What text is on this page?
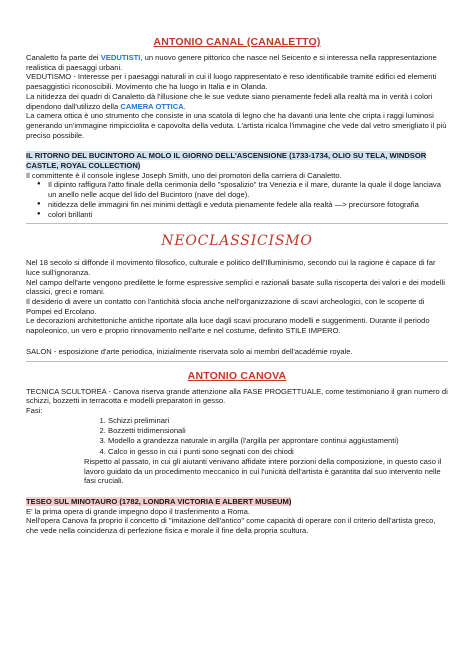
ANTONIO CANAL (CANALETTO)

Canaletto fa parte dei VEDUTISTI, un nuovo genere pittorico che nasce nel Seicento e si interessa nella rappresentazione realistica di paesaggi urbani.

VEDUTISMO - Interesse per i paesaggi naturali in cui il luogo rappresentato è reso identificabile tramite edifici ed elementi paesaggistici riconoscibili. Movimento che ha luogo in Italia e in Olanda.

La nitidezza dei quadri di Canaletto dà l'illusione che le sue vedute siano pienamente fedeli alla realtà ma in verità i colori dipendono dall'utilizzo della CAMERA OTTICA.

La camera ottica è uno strumento che consiste in una scatola di legno che ha davanti una lente che cripta i raggi luminosi generando un'immagine rimpicciolita e capovolta della veduta. L'artista ricalca l'immagine che vede dal vetro smerigliato il più preciso possibile.

IL RITORNO DEL BUCINTORO AL MOLO IL GIORNO DELL'ASCENSIONE (1733-1734, OLIO SU TELA, WINDSOR CASTLE, ROYAL COLLECTION)

Il committente è il console inglese Joseph Smith, uno dei promotori della carriera di Canaletto.

● Il dipinto raffigura l'atto finale della cerimonia dello "sposalizio" tra Venezia e il mare, durante la quale il doge lanciava un anello nelle acque del lido del Bucintoro (nave del doge).
● nitidezza delle immagini fin nei minimi dettagli e veduta pienamente fedele alla realtà —> precursore fotografia
● colori brillanti

NEOCLASSICISMO

Nel 18 secolo si diffonde il movimento filosofico, culturale e politico dell'Illuminismo, secondo cui la ragione è capace di far luce sull'ignoranza.

Nel campo dell'arte vengono predilette le forme espressive semplici e razionali basate sulla riscoperta dei valori e dei modelli classici, greci e romani.

Il desiderio di avere un contatto con l'antichità sfocia anche nell'organizzazione di scavi archeologici, con le scoperte di Pompei ed Ercolano.

Le decorazioni architettoniche antiche riportate alla luce dagli scavi procurano modelli e suggerimenti. Durante il periodo napoleonico, un vero e proprio rinnovamento nell'arte e nel costume, definito STILE IMPERO.

SALON - esposizione d'arte periodica, inizialmente riservata solo ai membri dell'académie royale.

ANTONIO CANOVA

TECNICA SCULTOREA - Canova riserva grande attenzione alla FASE PROGETTUALE, come testimoniano il gran numero di schizzi, bozzetti in terracotta e modelli preparatori in gesso.

Fasi:

1. Schizzi preliminari
2. Bozzetti tridimensionali
3. Modello a grandezza naturale in argilla (l'argilla per approntare continui aggiustamenti)
4. Calco in gesso in cui i punti sono segnati con dei chiodi

Rispetto al passato, in cui gli aiutanti venivano affidate intere porzioni della composizione, in questo caso il lavoro guidato da un procedimento meccanico in cui l'unicità dell'artista è garantita dal suo intervento nelle fasi cruciali.

TESEO SUL MINOTAURO (1782, LONDRA VICTORIA E ALBERT MUSEUM)

E' la prima opera di grande impegno dopo il trasferimento a Roma.

Nell'opera Canova fa proprio il concetto di "imitazione dell'antico" come capacità di operare con il criterio dell'artista greco, che vede nella coincidenza di perfezione fisica e morale il fine della propria scultura.
